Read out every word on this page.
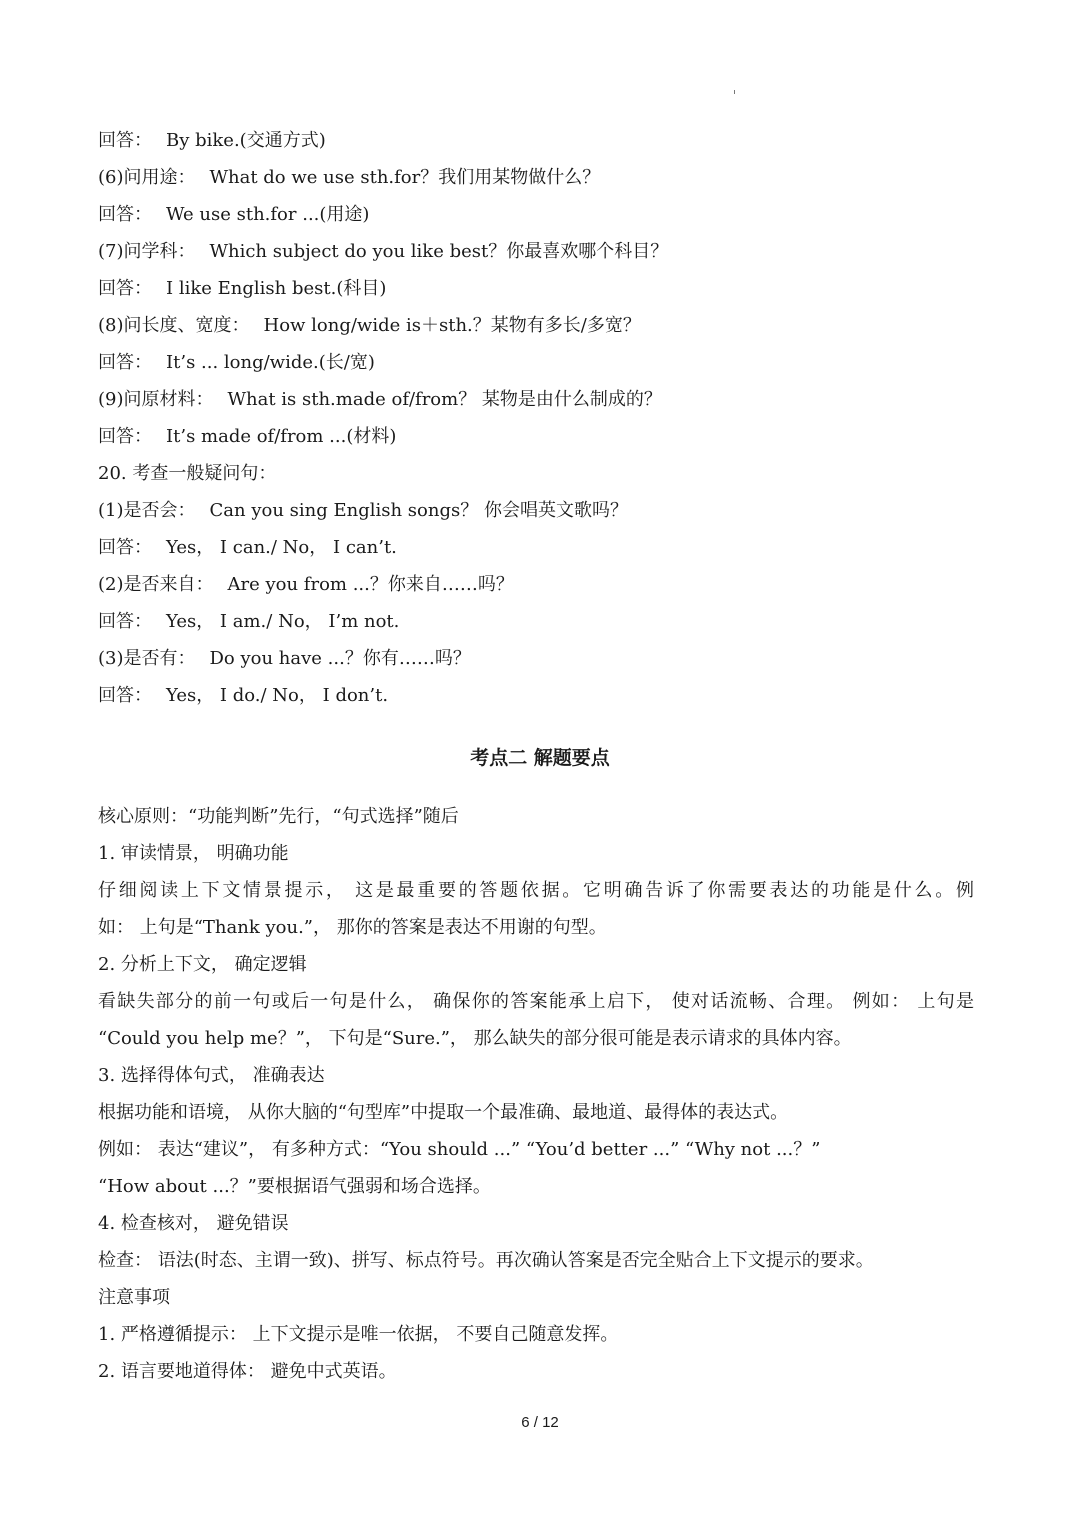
回答： By bike.(交通方式)
(6)问用途： What do we use sth.for？我们用某物做什么？
回答： We use sth.for ...(用途)
(7)问学科： Which subject do you like best？你最喜欢哪个科目？
回答： I like English best.(科目)
(8)问长度、宽度： How long/wide is＋sth.？某物有多长/多宽？
回答： It’s ... long/wide.(长/宽)
(9)问原材料： What is sth.made of/from？ 某物是由什么制成的？
回答： It’s made of/from ...(材料)
20. 考查一般疑问句：
(1)是否会： Can you sing English songs？ 你会唱英文歌吗？
回答： Yes， I can./ No， I can’t.
(2)是否来自： Are you from ...？你来自……吗？
回答： Yes， I am./ No， I’m not.
(3)是否有： Do you have ...？你有……吗？
回答： Yes， I do./ No， I don’t.
考点二 解题要点
核心原则：“功能判断”先行，“句式选择”随后
1. 审读情景， 明确功能
仔细阅读上下文情景提示， 这是最重要的答题依据。它明确告诉了你需要表达的功能是什么。例
如： 上句是“Thank you.”， 那你的答案是表达不用谢的句型。
2. 分析上下文， 确定逻辑
看缺失部分的前一句或后一句是什么， 确保你的答案能承上启下， 使对话流畅、合理。 例如： 上句是
“Could you help me？”， 下句是“Sure.”， 那么缺失的部分很可能是表示请求的具体内容。
3. 选择得体句式， 准确表达
根据功能和语境， 从你大脑的“句型库”中提取一个最准确、最地道、最得体的表达式。
例如： 表达“建议”， 有多种方式：“You should ...” “You’d better ...” “Why not ...？”
“How about ...？”要根据语气强弱和场合选择。
4. 检查核对， 避免错误
检查： 语法(时态、主谓一致)、拼写、标点符号。再次确认答案是否完全贴合上下文提示的要求。
注意事项
1. 严格遵循提示： 上下文提示是唯一依据， 不要自己随意发挥。
2. 语言要地道得体： 避免中式英语。
6 / 12
